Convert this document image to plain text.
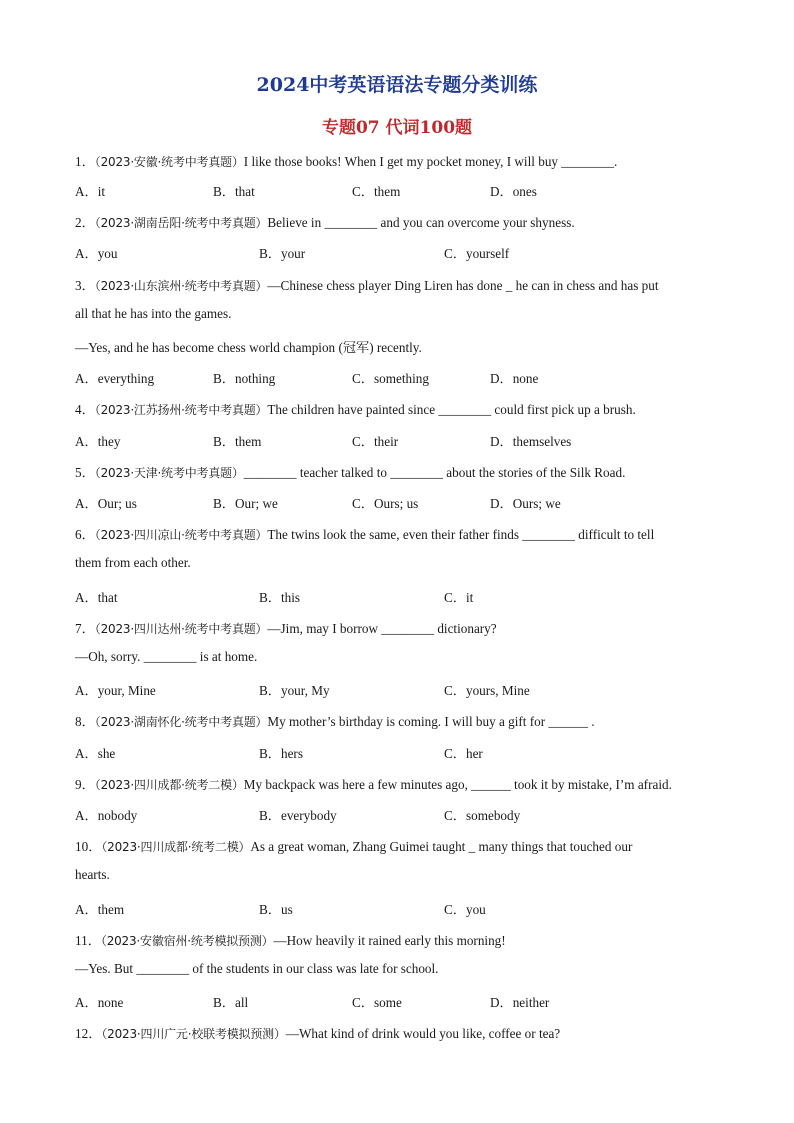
2024中考英语语法专题分类训练
专题07 代词100题
1．（2023·安徽·统考中考真题）I like those books! When I get my pocket money, I will buy ________.
A．it	B．that	C．them	D．ones
2．（2023·湖南岳阳·统考中考真题）Believe in ________ and you can overcome your shyness.
A．you	B．your	C．yourself
3．（2023·山东滨州·统考中考真题）—Chinese chess player Ding Liren has done _ he can in chess and has put
all that he has into the games.
—Yes, and he has become chess world champion (冠军) recently.
A．everything	B．nothing	C．something	D．none
4．（2023·江苏扬州·统考中考真题）The children have painted since ________ could first pick up a brush.
A．they	B．them	C．their	D．themselves
5．（2023·天津·统考中考真题）________ teacher talked to ________ about the stories of the Silk Road.
A．Our; us	B．Our; we	C．Ours; us	D．Ours; we
6．（2023·四川凉山·统考中考真题）The twins look the same, even their father finds ________ difficult to tell
them from each other.
A．that	B．this	C．it
7．（2023·四川达州·统考中考真题）—Jim, may I borrow ________ dictionary?
—Oh, sorry. ________ is at home.
A．your, Mine	B．your, My	C．yours, Mine
8．（2023·湖南怀化·统考中考真题）My mother’s birthday is coming. I will buy a gift for ______ .
A．she	B．hers	C．her
9．（2023·四川成都·统考二模）My backpack was here a few minutes ago, ______ took it by mistake, I’m afraid.
A．nobody	B．everybody	C．somebody
10．（2023·四川成都·统考二模）As a great woman, Zhang Guimei taught _ many things that touched our
hearts.
A．them	B．us	C．you
11．（2023·安徽宿州·统考模拟预测）—How heavily it rained early this morning!
—Yes. But ________ of the students in our class was late for school.
A．none	B．all	C．some	D．neither
12．（2023·四川广元·校联考模拟预测）—What kind of drink would you like, coffee or tea?
